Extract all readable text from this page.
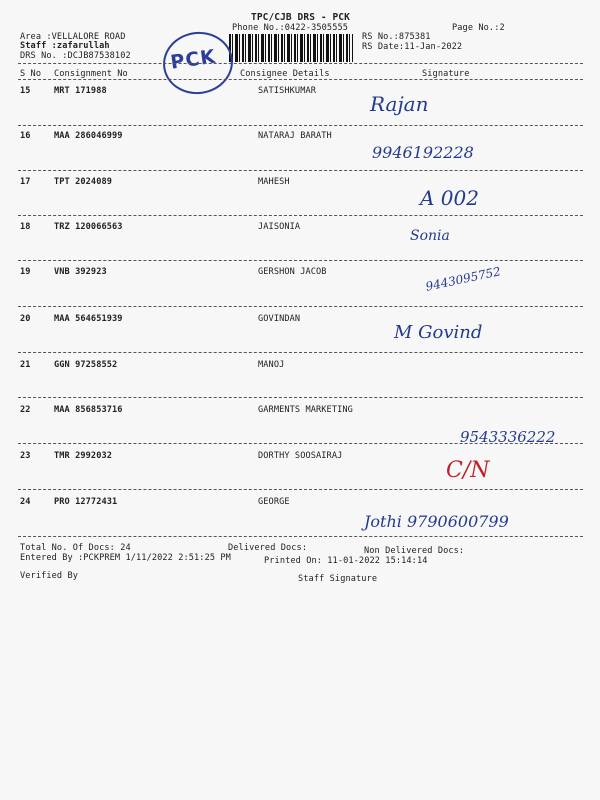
TPC/CJB DRS - PCK
Phone No.:0422-3505555	Page No.:2
Area :VELLALORE ROAD
Staff :zafarullah
DRS No. :DCJB87538102
RS No.:875381
RS Date:11-Jan-2022
PCK
S No Consignment No	Consignee Details	Signature
15	MRT 171988	SATISHKUMAR
Rajan
16	MAA 286046999	NATARAJ BARATH
9946192228
17	TPT 2024089	MAHESH
A 002
18	TRZ 120066563	JAISONIA
Sonia
19	VNB 392923	GERSHON JACOB	9443095752
20	MAA 564651939	GOVINDAN
M Govind
21	GGN 97258552	MANOJ
22	MAA 856853716	GARMENTS MARKETING
9543336222
23	TMR 2992032	DORTHY SOOSAIRAJ
C/N
24	PRO 12772431	GEORGE
Jothi 9790600799
Total No. Of Docs: 24	Delivered Docs:	Non Delivered Docs:
Entered By :PCKPREM 1/11/2022 2:51:25 PM	Printed On: 11-01-2022 15:14:14
Verified By	Staff Signature
